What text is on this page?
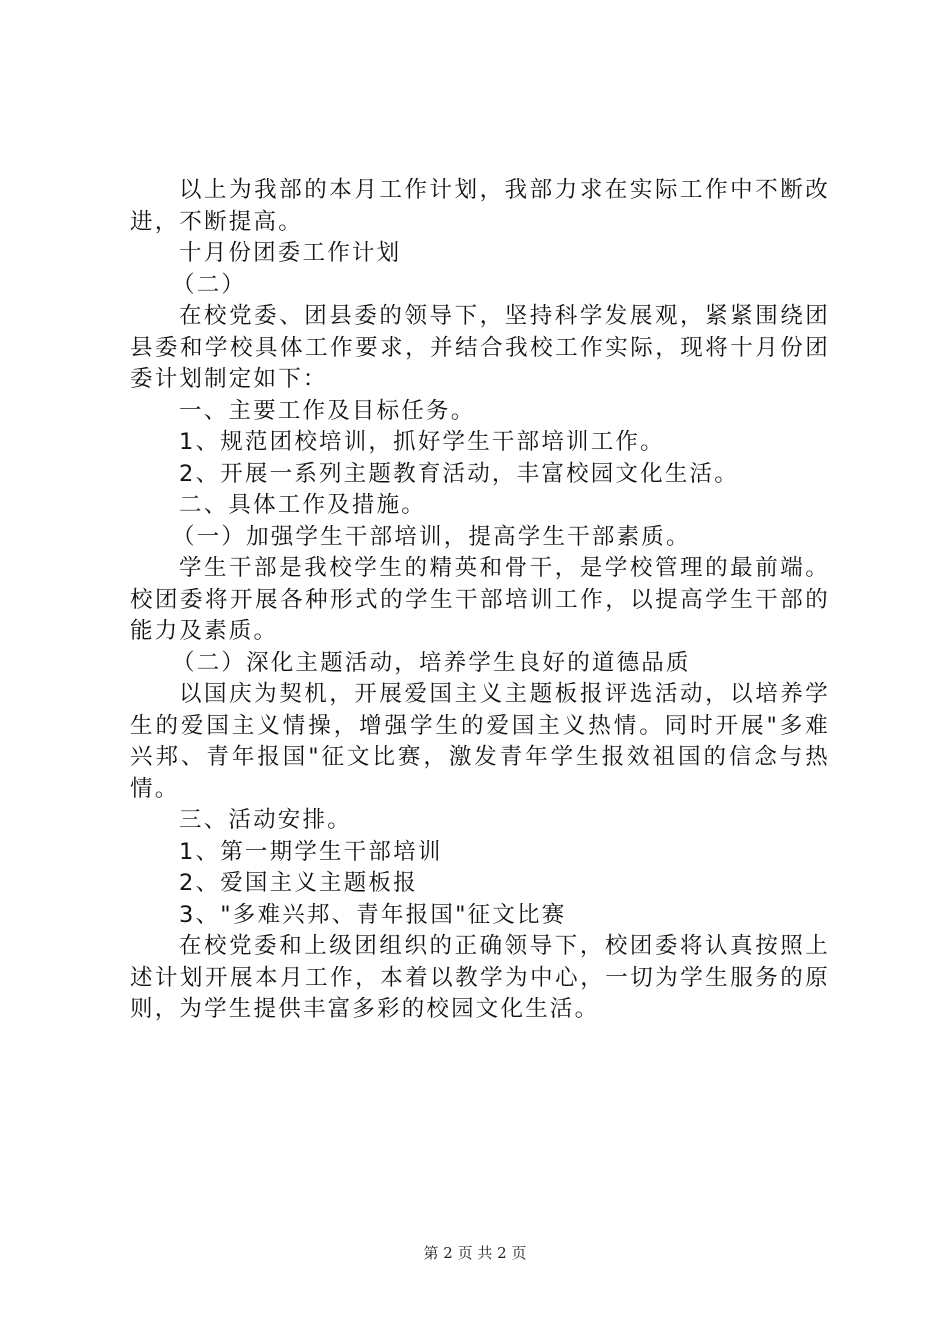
以上为我部的本月工作计划，我部力求在实际工作中不断改进，不断提高。

十月份团委工作计划

（二）

在校党委、团县委的领导下，坚持科学发展观，紧紧围绕团县委和学校具体工作要求，并结合我校工作实际，现将十月份团委计划制定如下：

一、主要工作及目标任务。

1、规范团校培训，抓好学生干部培训工作。

2、开展一系列主题教育活动，丰富校园文化生活。

二、具体工作及措施。

（一）加强学生干部培训，提高学生干部素质。

学生干部是我校学生的精英和骨干，是学校管理的最前端。校团委将开展各种形式的学生干部培训工作，以提高学生干部的能力及素质。

（二）深化主题活动，培养学生良好的道德品质

以国庆为契机，开展爱国主义主题板报评选活动，以培养学生的爱国主义情操，增强学生的爱国主义热情。同时开展"多难兴邦、青年报国"征文比赛，激发青年学生报效祖国的信念与热情。

三、活动安排。

1、第一期学生干部培训

2、爱国主义主题板报

3、"多难兴邦、青年报国"征文比赛

在校党委和上级团组织的正确领导下，校团委将认真按照上述计划开展本月工作，本着以教学为中心，一切为学生服务的原则，为学生提供丰富多彩的校园文化生活。

第 2 页 共 2 页
